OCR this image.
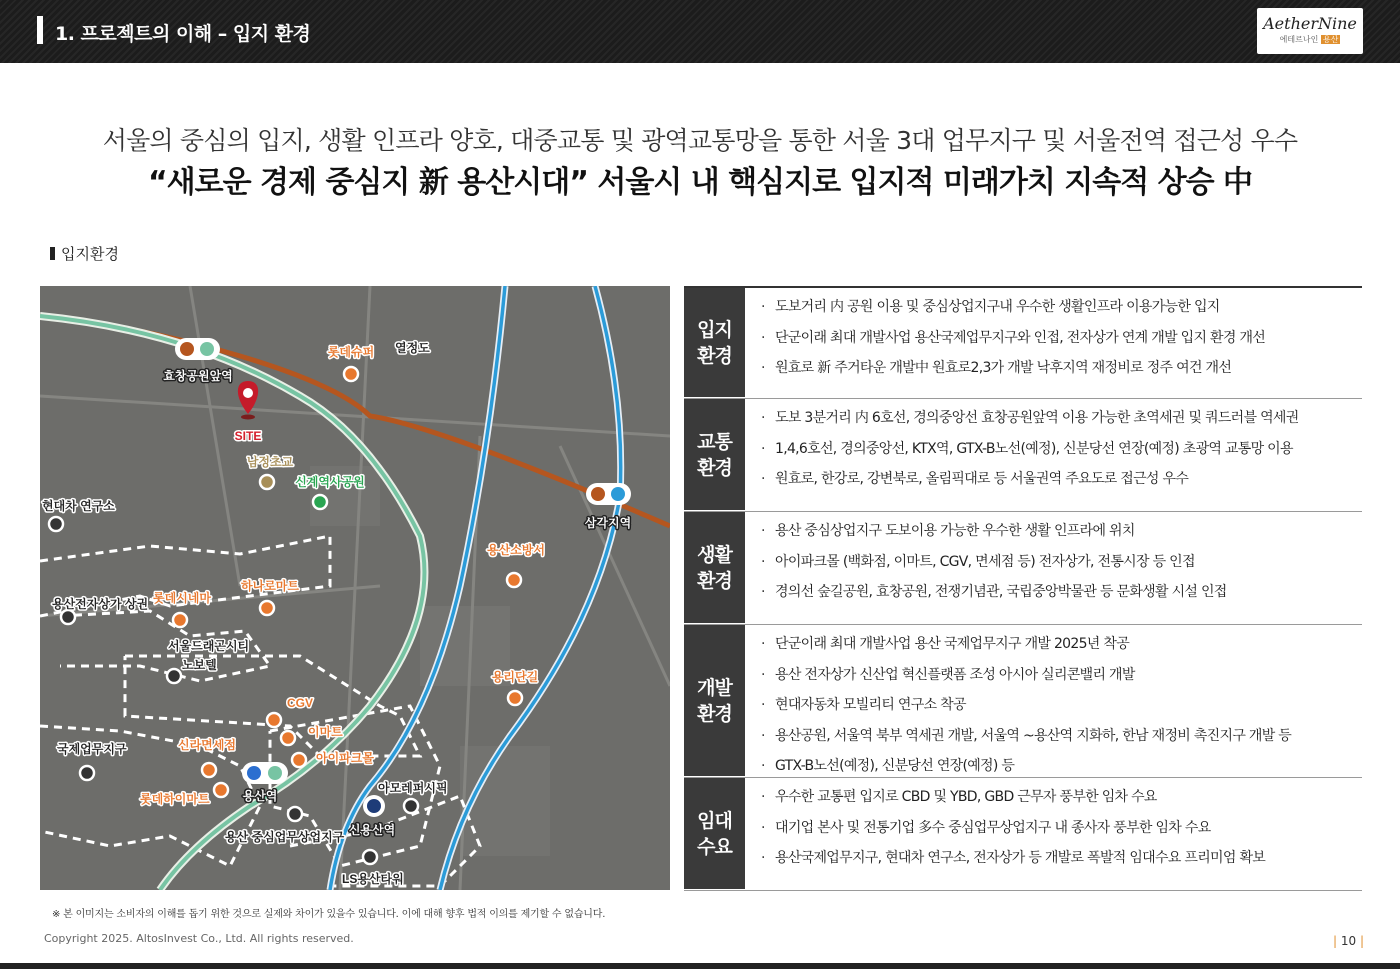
1. 프로젝트의 이해 – 입지 환경	AetherNine
에테르나인 용산
서울의 중심의 입지, 생활 인프라 양호, 대중교통 및 광역교통망을 통한 서울 3대 업무지구 및 서울전역 접근성 우수
“새로운 경제 중심지 新 용산시대” 서울시 내 핵심지로 입지적 미래가치 지속적 상승 中
입지환경
효창공원앞역
SITE
롯데슈퍼 열정도
남정초교
신계역사공원
현대차 연구소
삼각지역
용산소방서
하나로마트
롯데시네마
용산전자상가 상권
서울드래곤시티
노보텔
용리단길
CGV
이마트
신라면세점
아이파크몰
국제업무지구
롯데하이마트	용산역
아모레퍼시픽
신용산역
용산 중심업무상업지구
LS용산타워
입지
환경
· 도보거리 内 공원 이용 및 중심상업지구내 우수한 생활인프라 이용가능한 입지
· 단군이래 최대 개발사업 용산국제업무지구와 인접, 전자상가 연계 개발 입지 환경 개선
· 원효로 新 주거타운 개발中 원효로2,3가 개발 낙후지역 재정비로 정주 여건 개선
교통
환경
· 도보 3분거리 内 6호선, 경의중앙선 효창공원앞역 이용 가능한 초역세권 및 쿼드러블 역세권
· 1,4,6호선, 경의중앙선, KTX역, GTX-B노선(예정), 신분당선 연장(예정) 초광역 교통망 이용
· 원효로, 한강로, 강변북로, 올림픽대로 등 서울권역 주요도로 접근성 우수
생활
환경
· 용산 중심상업지구 도보이용 가능한 우수한 생활 인프라에 위치
· 아이파크몰 (백화점, 이마트, CGV, 면세점 등) 전자상가, 전통시장 등 인접
· 경의선 숲길공원, 효창공원, 전쟁기념관, 국립중앙박물관 등 문화생활 시설 인접
개발
환경
· 단군이래 최대 개발사업 용산 국제업무지구 개발 2025년 착공
· 용산 전자상가 신산업 혁신플랫폼 조성 아시아 실리콘밸리 개발
· 현대자동차 모빌리티 연구소 착공
· 용산공원, 서울역 북부 역세권 개발, 서울역 ~용산역 지화하, 한남 재정비 촉진지구 개발 등
· GTX-B노선(예정), 신분당선 연장(예정) 등
임대
수요
· 우수한 교통편 입지로 CBD 및 YBD, GBD 근무자 풍부한 임차 수요
· 대기업 본사 및 전통기업 多수 중심업무상업지구 내 종사자 풍부한 임차 수요
· 용산국제업무지구, 현대차 연구소, 전자상가 등 개발로 폭발적 임대수요 프리미엄 확보
※ 본 이미지는 소비자의 이해를 돕기 위한 것으로 실제와 차이가 있을수 있습니다. 이에 대해 향후 법적 이의를 제기할 수 없습니다.
Copyright 2025. AltosInvest Co., Ltd. All rights reserved.	| 10 |
